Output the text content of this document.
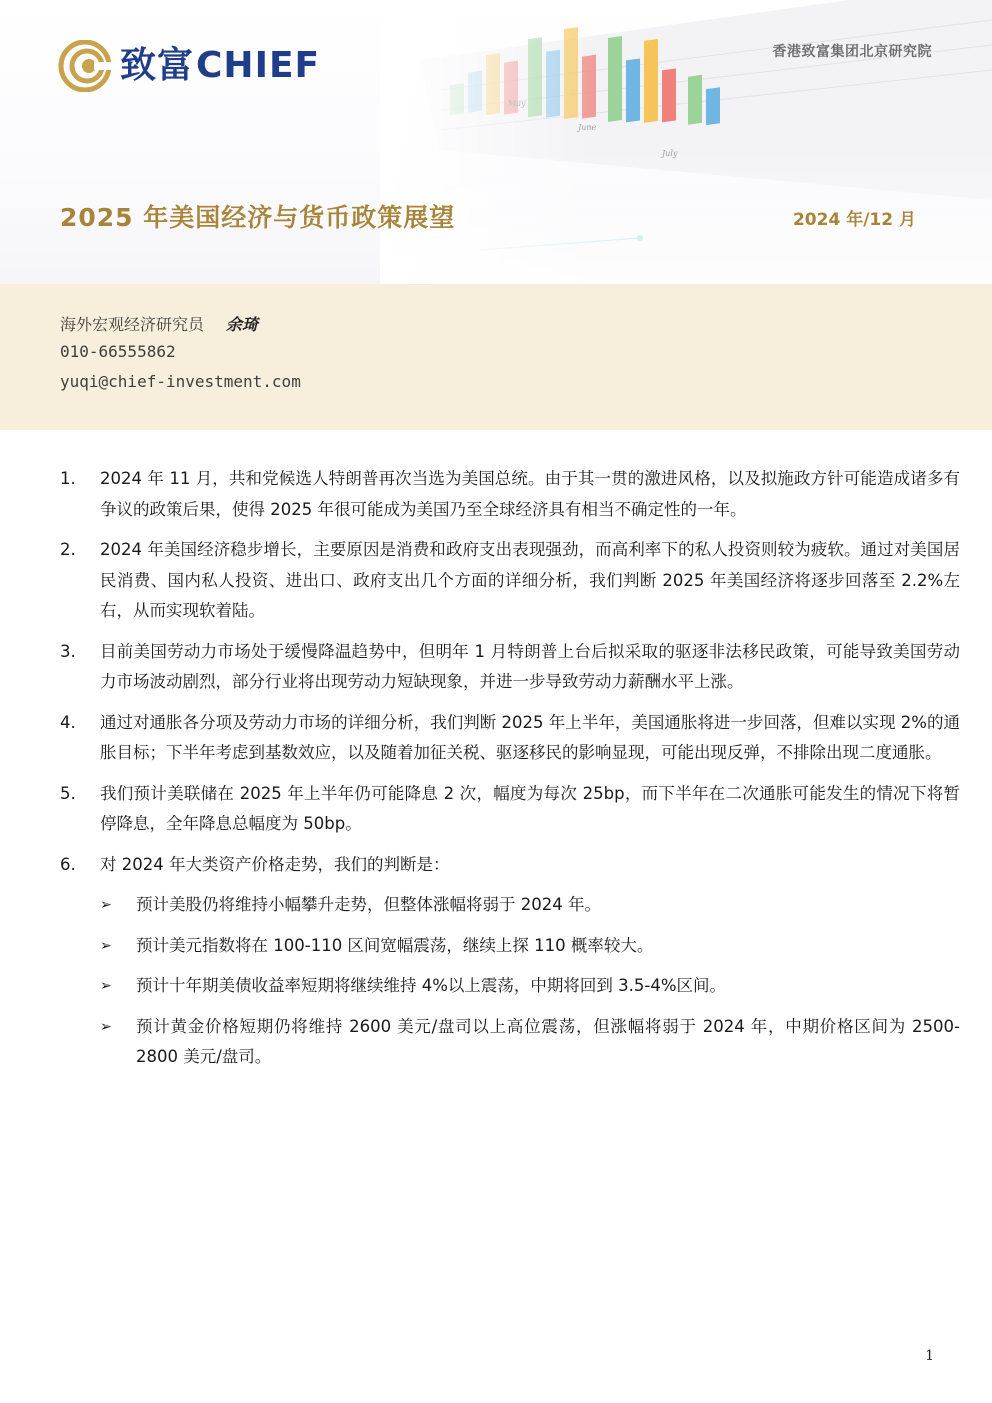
致富CHIEF	香港致富集团北京研究院
2025 年美国经济与货币政策展望	2024 年/12 月
海外宏观经济研究员 余琦
010-66555862
yuqi@chief-investment.com
1.	2024 年 11 月，共和党候选人特朗普再次当选为美国总统。由于其一贯的激进风格，以及拟施政方针可能造成诸多有争议的政策后果，使得 2025 年很可能成为美国乃至全球经济具有相当不确定性的一年。
2.	2024 年美国经济稳步增长，主要原因是消费和政府支出表现强劲，而高利率下的私人投资则较为疲软。通过对美国居民消费、国内私人投资、进出口、政府支出几个方面的详细分析，我们判断 2025 年美国经济将逐步回落至 2.2%左右，从而实现软着陆。
3.	目前美国劳动力市场处于缓慢降温趋势中，但明年 1 月特朗普上台后拟采取的驱逐非法移民政策，可能导致美国劳动力市场波动剧烈，部分行业将出现劳动力短缺现象，并进一步导致劳动力薪酬水平上涨。
4.	通过对通胀各分项及劳动力市场的详细分析，我们判断 2025 年上半年，美国通胀将进一步回落，但难以实现 2%的通胀目标；下半年考虑到基数效应，以及随着加征关税、驱逐移民的影响显现，可能出现反弹，不排除出现二度通胀。
5.	我们预计美联储在 2025 年上半年仍可能降息 2 次，幅度为每次 25bp，而下半年在二次通胀可能发生的情况下将暂停降息，全年降息总幅度为 50bp。
6.	对 2024 年大类资产价格走势，我们的判断是：
➢	预计美股仍将维持小幅攀升走势，但整体涨幅将弱于 2024 年。
➢	预计美元指数将在 100-110 区间宽幅震荡，继续上探 110 概率较大。
➢	预计十年期美债收益率短期将继续维持 4%以上震荡，中期将回到 3.5-4%区间。
➢	预计黄金价格短期仍将维持 2600 美元/盘司以上高位震荡，但涨幅将弱于 2024 年，中期价格区间为 2500-2800 美元/盘司。
1
